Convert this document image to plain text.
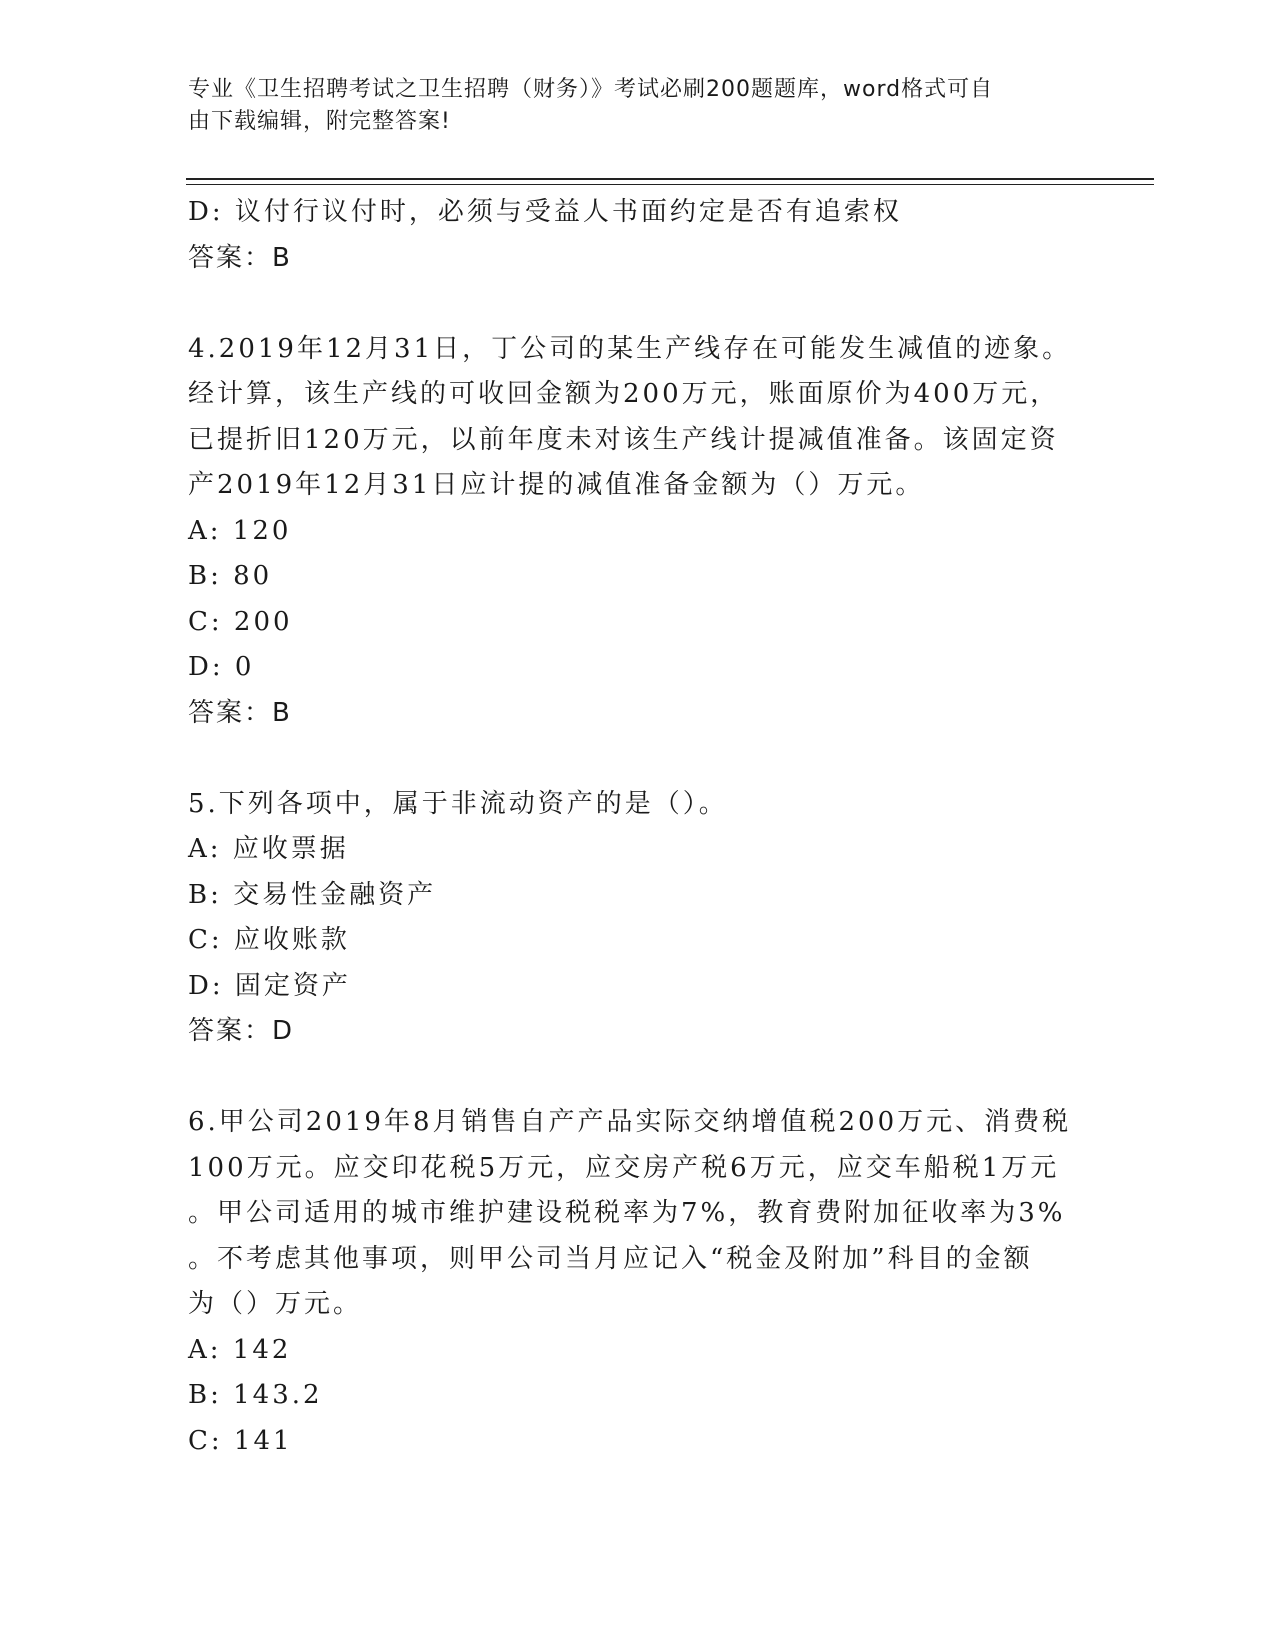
专业《卫生招聘考试之卫生招聘（财务）》考试必刷200题题库，word格式可自
由下载编辑，附完整答案!
D: 议付行议付时，必须与受益人书面约定是否有追索权
答案：B
4.2019年12月31日，丁公司的某生产线存在可能发生减值的迹象。
经计算，该生产线的可收回金额为200万元，账面原价为400万元，
已提折旧120万元，以前年度未对该生产线计提减值准备。该固定资
产2019年12月31日应计提的减值准备金额为（）万元。
A: 120
B: 80
C: 200
D: 0
答案：B
5.下列各项中，属于非流动资产的是（）。
A: 应收票据
B: 交易性金融资产
C: 应收账款
D: 固定资产
答案：D
6.甲公司2019年8月销售自产产品实际交纳增值税200万元、消费税
100万元。应交印花税5万元，应交房产税6万元，应交车船税1万元
。甲公司适用的城市维护建设税税率为7%，教育费附加征收率为3%
。不考虑其他事项，则甲公司当月应记入“税金及附加”科目的金额
为（）万元。
A: 142
B: 143.2
C: 141
